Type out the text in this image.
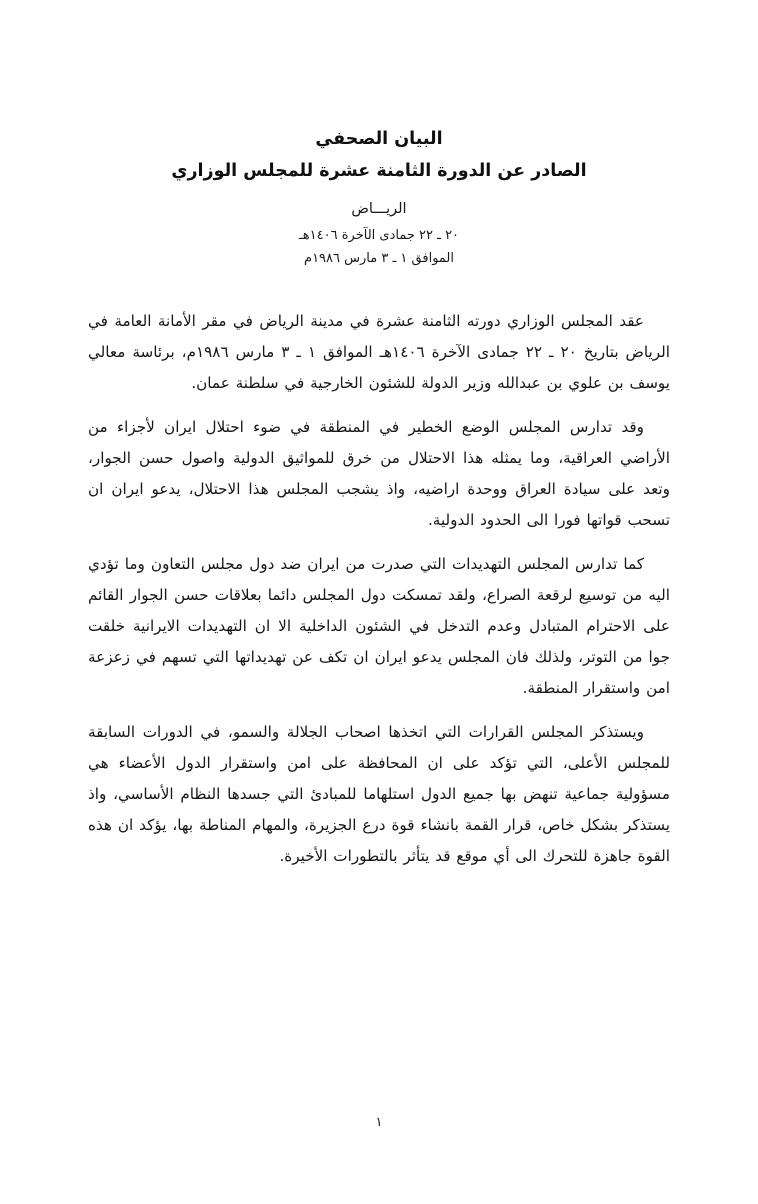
البيان الصحفي
الصادر عن الدورة الثامنة عشرة للمجلس الوزاري
الريـــاض
٢٠ ـ ٢٢ جمادى الآخرة ١٤٠٦هـ
الموافق ١ ـ ٣ مارس ١٩٨٦م

عقد المجلس الوزاري دورته الثامنة عشرة في مدينة الرياض في مقر الأمانة العامة في الرياض بتاريخ ٢٠ ـ ٢٢ جمادى الآخرة ١٤٠٦هـ الموافق ١ ـ ٣ مارس ١٩٨٦م، برئاسة معالي يوسف بن علوي بن عبدالله وزير الدولة للشئون الخارجية في سلطنة عمان.

وقد تدارس المجلس الوضع الخطير في المنطقة في ضوء احتلال ايران لأجزاء من الأراضي العراقية، وما يمثله هذا الاحتلال من خرق للمواثيق الدولية واصول حسن الجوار، وتعد على سيادة العراق ووحدة اراضيه، واذ يشجب المجلس هذا الاحتلال، يدعو ايران ان تسحب قواتها فورا الى الحدود الدولية.

كما تدارس المجلس التهديدات التي صدرت من ايران ضد دول مجلس التعاون وما تؤدي اليه من توسيع لرقعة الصراع، ولقد تمسكت دول المجلس دائما بعلاقات حسن الجوار القائم على الاحترام المتبادل وعدم التدخل في الشئون الداخلية الا ان التهديدات الايرانية خلقت جوا من التوتر، ولذلك فان المجلس يدعو ايران ان تكف عن تهديداتها التي تسهم في زعزعة امن واستقرار المنطقة.

ويستذكر المجلس القرارات التي اتخذها اصحاب الجلالة والسمو، في الدورات السابقة للمجلس الأعلى، التي تؤكد على ان المحافظة على امن واستقرار الدول الأعضاء هي مسؤولية جماعية تنهض بها جميع الدول استلهاما للمبادئ التي جسدها النظام الأساسي، واذ يستذكر بشكل خاص، قرار القمة بانشاء قوة درع الجزيرة، والمهام المناطة بها، يؤكد ان هذه القوة جاهزة للتحرك الى أي موقع قد يتأثر بالتطورات الأخيرة.

١
